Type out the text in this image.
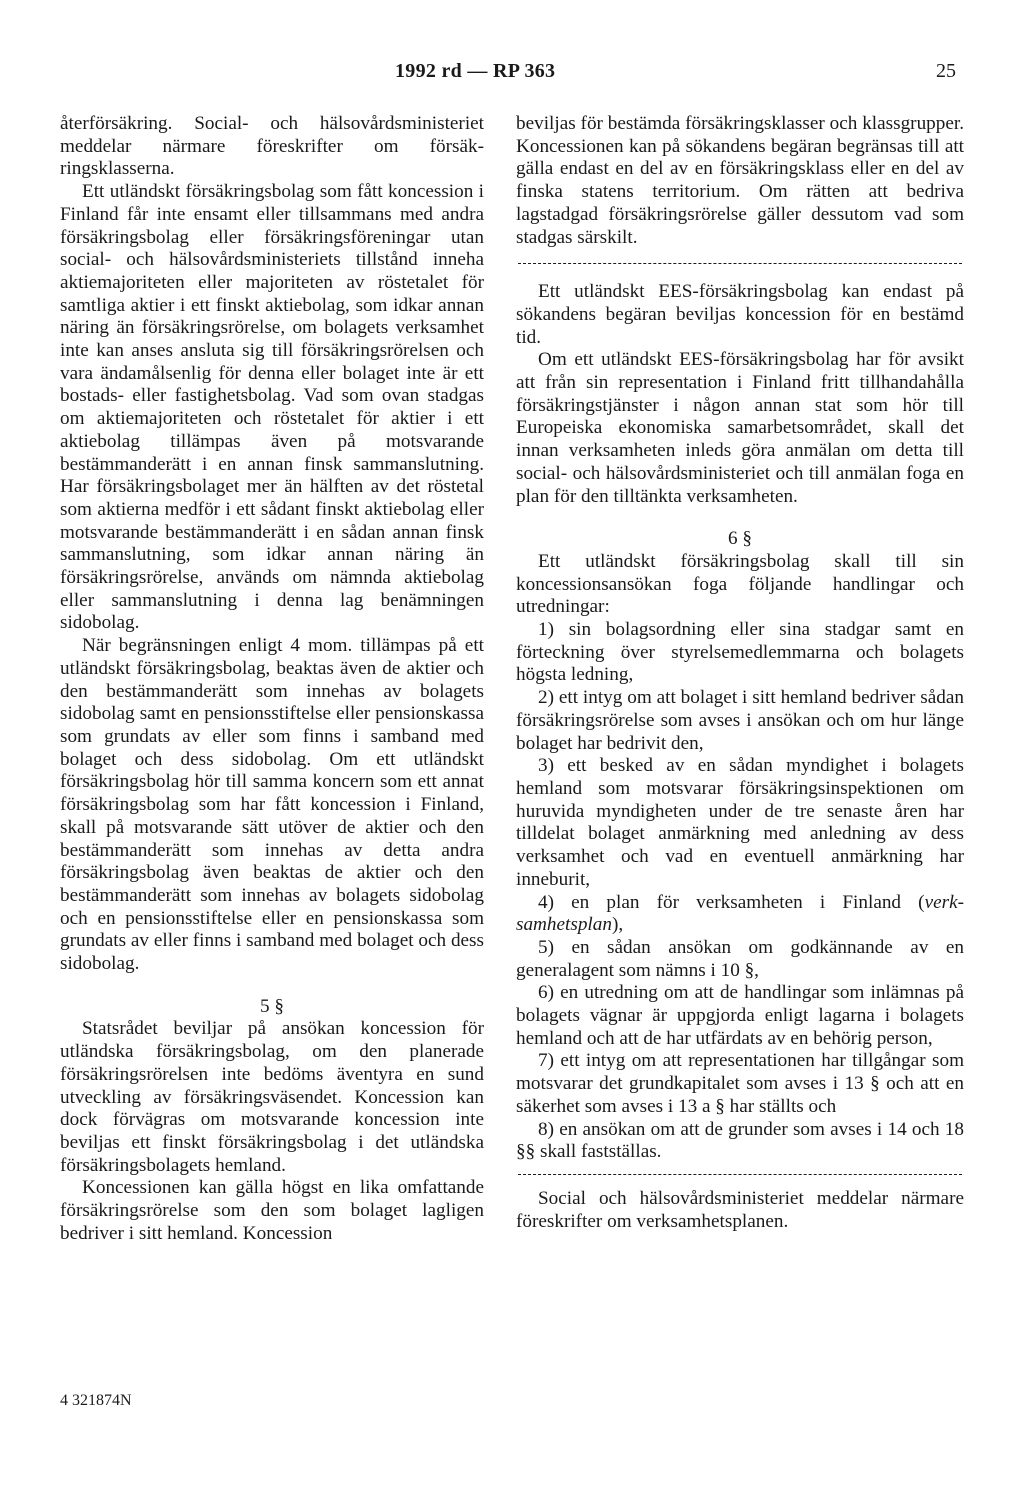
1992 rd — RP 363	25

återförsäkring. Social- och hälsovårdsministeriet meddelar närmare föreskrifter om försäkringsklasserna.

Ett utländskt försäkringsbolag som fått koncession i Finland får inte ensamt eller tillsammans med andra försäkringsbolag eller försäkringsföreningar utan social- och hälsovårdsministeriets tillstånd inneha aktiemajoriteten eller majoriteten av röstetalet för samtliga aktier i ett finskt aktiebolag, som idkar annan näring än försäkringsrörelse, om bolagets verksamhet inte kan anses ansluta sig till försäkringsrörelsen och vara ändamålsenlig för denna eller bolaget inte är ett bostads- eller fastighetsbolag. Vad som ovan stadgas om aktiemajoriteten och röstetalet för aktier i ett aktiebolag tillämpas även på motsvarande bestämmanderätt i en annan finsk sammanslutning. Har försäkringsbolaget mer än hälften av det röstetal som aktierna medför i ett sådant finskt aktiebolag eller motsvarande bestämmanderätt i en sådan annan finsk sammanslutning, som idkar annan näring än försäkringsrörelse, används om nämnda aktiebolag eller sammanslutning i denna lag benämningen sidobolag.

När begränsningen enligt 4 mom. tillämpas på ett utländskt försäkringsbolag, beaktas även de aktier och den bestämmanderätt som innehas av bolagets sidobolag samt en pensionsstiftelse eller pensionskassa som grundats av eller som finns i samband med bolaget och dess sidobolag. Om ett utländskt försäkringsbolag hör till samma koncern som ett annat försäkringsbolag som har fått koncession i Finland, skall på motsvarande sätt utöver de aktier och den bestämmanderätt som innehas av detta andra försäkringsbolag även beaktas de aktier och den bestämmanderätt som innehas av bolagets sidobolag och en pensionsstiftelse eller en pensionskassa som grundats av eller finns i samband med bolaget och dess sidobolag.

5 §

Statsrådet beviljar på ansökan koncession för utländska försäkringsbolag, om den planerade försäkringsrörelsen inte bedöms äventyra en sund utveckling av försäkringsväsendet. Koncession kan dock förvägras om motsvarande koncession inte beviljas ett finskt försäkringsbolag i det utländska försäkringsbolagets hemland.

Koncessionen kan gälla högst en lika omfattande försäkringsrörelse som den som bolaget lagligen bedriver i sitt hemland. Koncession

beviljas för bestämda försäkringsklasser och klassgrupper. Koncessionen kan på sökandens begäran begränsas till att gälla endast en del av en försäkringsklass eller en del av finska statens territorium. Om rätten att bedriva lagstadgad försäkringsrörelse gäller dessutom vad som stadgas särskilt.

Ett utländskt EES-försäkringsbolag kan endast på sökandens begäran beviljas koncession för en bestämd tid.

Om ett utländskt EES-försäkringsbolag har för avsikt att från sin representation i Finland fritt tillhandahålla försäkringstjänster i någon annan stat som hör till Europeiska ekonomiska samarbetsområdet, skall det innan verksamheten inleds göra anmälan om detta till social- och hälsovårdsministeriet och till anmälan foga en plan för den tilltänkta verksamheten.

6 §

Ett utländskt försäkringsbolag skall till sin koncessionsansökan foga följande handlingar och utredningar:

1) sin bolagsordning eller sina stadgar samt en förteckning över styrelsemedlemmarna och bolagets högsta ledning,

2) ett intyg om att bolaget i sitt hemland bedriver sådan försäkringsrörelse som avses i ansökan och om hur länge bolaget har bedrivit den,

3) ett besked av en sådan myndighet i bolagets hemland som motsvarar försäkringsinspektionen om huruvida myndigheten under de tre senaste åren har tilldelat bolaget anmärkning med anledning av dess verksamhet och vad en eventuell anmärkning har inneburit,

4) en plan för verksamheten i Finland (verksamhetsplan),

5) en sådan ansökan om godkännande av en generalagent som nämns i 10 §,

6) en utredning om att de handlingar som inlämnas på bolagets vägnar är uppgjorda enligt lagarna i bolagets hemland och att de har utfärdats av en behörig person,

7) ett intyg om att representationen har tillgångar som motsvarar det grundkapitalet som avses i 13 § och att en säkerhet som avses i 13 a § har ställts och

8) en ansökan om att de grunder som avses i 14 och 18 §§ skall fastställas.

Social och hälsovårdsministeriet meddelar närmare föreskrifter om verksamhetsplanen.

4 321874N
